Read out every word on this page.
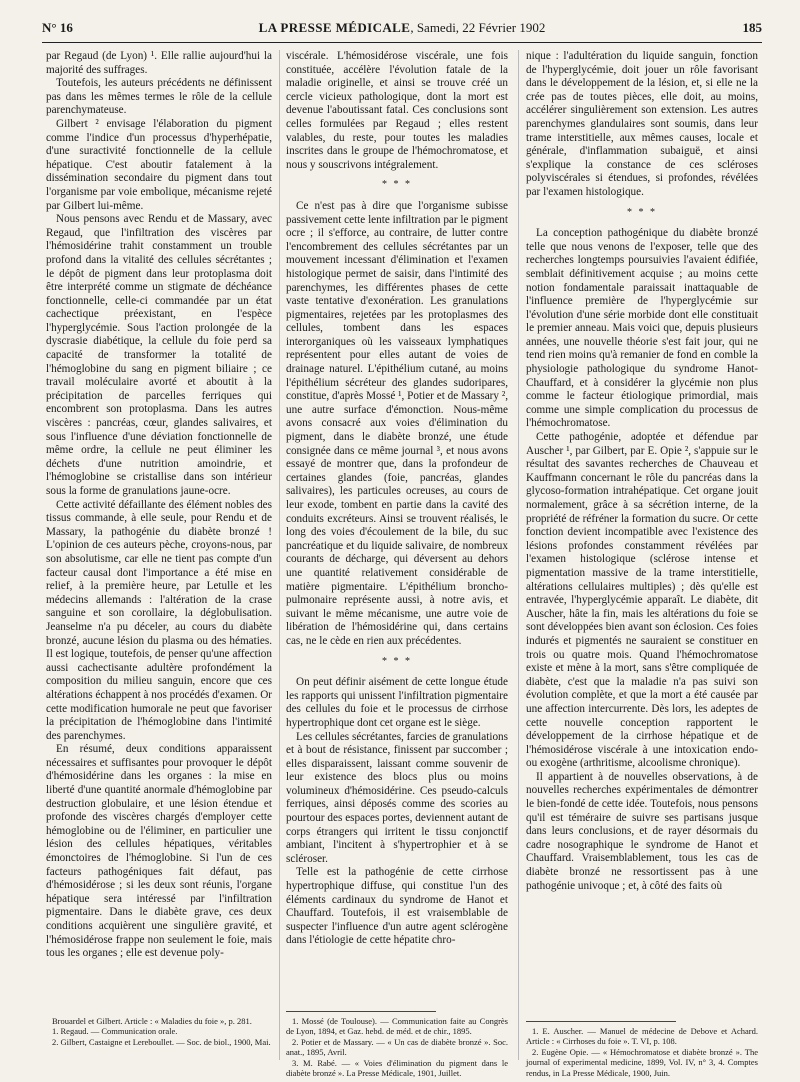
N° 16	LA PRESSE MÉDICALE, Samedi, 22 Février 1902	185

par Regaud (de Lyon) ¹. Elle rallie aujourd'hui la majorité des suffrages.

Toutefois, les auteurs précédents ne définissent pas dans les mêmes termes le rôle de la cellule parenchymateuse.

Gilbert ² envisage l'élaboration du pigment comme l'indice d'un processus d'hyperhépatie, d'une suractivité fonctionnelle de la cellule hépatique. C'est aboutir fatalement à la dissémination secondaire du pigment dans tout l'organisme par voie embolique, mécanisme rejeté par Gilbert lui-même.

Nous pensons avec Rendu et de Massary, avec Regaud, que l'infiltration des viscères par l'hémosidérine trahit constamment un trouble profond dans la vitalité des cellules sécrétantes ; le dépôt de pigment dans leur protoplasma doit être interprété comme un stigmate de déchéance fonctionnelle, celle-ci commandée par un état cachectique préexistant, en l'espèce l'hyperglycémie. Sous l'action prolongée de la dyscrasie diabétique, la cellule du foie perd sa capacité de transformer la totalité de l'hémoglobine du sang en pigment biliaire ; ce travail moléculaire avorté et aboutit à la précipitation de parcelles ferriques qui encombrent son protoplasma. Dans les autres viscères : pancréas, cœur, glandes salivaires, et sous l'influence d'une déviation fonctionnelle de même ordre, la cellule ne peut éliminer les déchets d'une nutrition amoindrie, et l'hémoglobine se cristallise dans son intérieur sous la forme de granulations jaune-ocre.

Cette activité défaillante des élément nobles des tissus commande, à elle seule, pour Rendu et de Massary, la pathogénie du diabète bronzé ! L'opinion de ces auteurs pèche, croyons-nous, par son absolutisme, car elle ne tient pas compte d'un facteur causal dont l'importance a été mise en relief, à la première heure, par Letulle et les médecins allemands : l'altération de la crase sanguine et son corollaire, la déglobulisation. Jeanselme n'a pu déceler, au cours du diabète bronzé, aucune lésion du plasma ou des hématies. Il est logique, toutefois, de penser qu'une affection aussi cachectisante adultère profondément la composition du milieu sanguin, encore que ces altérations échappent à nos procédés d'examen. Or cette modification humorale ne peut que favoriser la précipitation de l'hémoglobine dans l'intimité des parenchymes.

En résumé, deux conditions apparaissent nécessaires et suffisantes pour provoquer le dépôt d'hémosidérine dans les organes : la mise en liberté d'une quantité anormale d'hémoglobine par destruction globulaire, et une lésion étendue et profonde des viscères chargés d'employer cette hémoglobine ou de l'éliminer, en particulier une lésion des cellules hépatiques, véritables émonctoires de l'hémoglobine. Si l'un de ces facteurs pathogéniques fait défaut, pas d'hémosidérose ; si les deux sont réunis, l'organe hépatique sera intéressé par l'infiltration pigmentaire. Dans le diabète grave, ces deux conditions acquièrent une singulière gravité, et l'hémosidérose frappe non seulement le foie, mais tous les organes ; elle est devenue poly-

Brouardel et Gilbert. Article : « Maladies du foie », p. 281.

1. Regaud. — Communication orale.

2. Gilbert, Castaigne et Lereboullet. — Soc. de biol., 1900, Mai.

viscérale. L'hémosidérose viscérale, une fois constituée, accélère l'évolution fatale de la maladie originelle, et ainsi se trouve créé un cercle vicieux pathologique, dont la mort est devenue l'aboutissant fatal. Ces conclusions sont celles formulées par Regaud ; elles restent valables, du reste, pour toutes les maladies inscrites dans le groupe de l'hémochromatose, et nous y souscrivons intégralement.

* * *

Ce n'est pas à dire que l'organisme subisse passivement cette lente infiltration par le pigment ocre ; il s'efforce, au contraire, de lutter contre l'encombrement des cellules sécrétantes par un mouvement incessant d'élimination et l'examen histologique permet de saisir, dans l'intimité des parenchymes, les différentes phases de cette vaste tentative d'exonération. Les granulations pigmentaires, rejetées par les protoplasmes des cellules, tombent dans les espaces interorganiques où les vaisseaux lymphatiques représentent pour elles autant de voies de drainage naturel. L'épithélium cutané, au moins l'épithélium sécréteur des glandes sudoripares, constitue, d'après Mossé ¹, Potier et de Massary ², une autre surface d'émonction. Nous-même avons consacré aux voies d'élimination du pigment, dans le diabète bronzé, une étude consignée dans ce même journal ³, et nous avons essayé de montrer que, dans la profondeur de certaines glandes (foie, pancréas, glandes salivaires), les particules ocreuses, au cours de leur exode, tombent en partie dans la cavité des conduits excréteurs. Ainsi se trouvent réalisés, le long des voies d'écoulement de la bile, du suc pancréatique et du liquide salivaire, de nombreux courants de décharge, qui déversent au dehors une quantité relativement considérable de matière pigmentaire. L'épithélium broncho-pulmonaire représente aussi, à notre avis, et suivant le même mécanisme, une autre voie de libération de l'hémosidérine qui, dans certains cas, ne le cède en rien aux précédentes.

* * *

On peut définir aisément de cette longue étude les rapports qui unissent l'infiltration pigmentaire des cellules du foie et le processus de cirrhose hypertrophique dont cet organe est le siège.

Les cellules sécrétantes, farcies de granulations et à bout de résistance, finissent par succomber ; elles disparaissent, laissant comme souvenir de leur existence des blocs plus ou moins volumineux d'hémosidérine. Ces pseudo-calculs ferriques, ainsi déposés comme des scories au pourtour des espaces portes, deviennent autant de corps étrangers qui irritent le tissu conjonctif ambiant, l'incitent à s'hypertrophier et à se scléroser.

Telle est la pathogénie de cette cirrhose hypertrophique diffuse, qui constitue l'un des éléments cardinaux du syndrome de Hanot et Chauffard. Toutefois, il est vraisemblable de suspecter l'influence d'un autre agent sclérogène dans l'étiologie de cette hépatite chro-

1. Mossé (de Toulouse). — Communication faite au Congrès de Lyon, 1894, et Gaz. hebd. de méd. et de chir., 1895.

2. Potier et de Massary. — « Un cas de diabète bronzé ». Soc. anat., 1895, Avril.

3. M. Rabé. — « Voies d'élimination du pigment dans le diabète bronzé ». La Presse Médicale, 1901, Juillet.

nique : l'adultération du liquide sanguin, fonction de l'hyperglycémie, doit jouer un rôle favorisant dans le développement de la lésion, et, si elle ne la crée pas de toutes pièces, elle doit, au moins, accélérer singulièrement son extension. Les autres parenchymes glandulaires sont soumis, dans leur trame interstitielle, aux mêmes causes, locale et générale, d'inflammation subaiguë, et ainsi s'explique la constance de ces scléroses polyviscérales si étendues, si profondes, révélées par l'examen histologique.

* * *

La conception pathogénique du diabète bronzé telle que nous venons de l'exposer, telle que des recherches longtemps poursuivies l'avaient édifiée, semblait définitivement acquise ; au moins cette notion fondamentale paraissait inattaquable de l'influence première de l'hyperglycémie sur l'évolution d'une série morbide dont elle constituait le premier anneau. Mais voici que, depuis plusieurs années, une nouvelle théorie s'est fait jour, qui ne tend rien moins qu'à remanier de fond en comble la physiologie pathologique du syndrome Hanot-Chauffard, et à considérer la glycémie non plus comme le facteur étiologique primordial, mais comme une simple complication du processus de l'hémochromatose.

Cette pathogénie, adoptée et défendue par Auscher ¹, par Gilbert, par E. Opie ², s'appuie sur le résultat des savantes recherches de Chauveau et Kauffmann concernant le rôle du pancréas dans la glycoso-formation intrahépatique. Cet organe jouit normalement, grâce à sa sécrétion interne, de la propriété de réfréner la formation du sucre. Or cette fonction devient incompatible avec l'existence des lésions profondes constamment révélées par l'examen histologique (sclérose intense et pigmentation massive de la trame interstitielle, altérations cellulaires multiples) ; dès qu'elle est entravée, l'hyperglycémie apparaît. Le diabète, dit Auscher, hâte la fin, mais les altérations du foie se sont développées bien avant son éclosion. Ces foies indurés et pigmentés ne sauraient se constituer en trois ou quatre mois. Quand l'hémochromatose existe et mène à la mort, sans s'être compliquée de diabète, c'est que la maladie n'a pas suivi son évolution complète, et que la mort a été causée par une affection intercurrente. Dès lors, les adeptes de cette nouvelle conception rapportent le développement de la cirrhose hépatique et de l'hémosidérose viscérale à une intoxication endo- ou exogène (arthritisme, alcoolisme chronique).

Il appartient à de nouvelles observations, à de nouvelles recherches expérimentales de démontrer le bien-fondé de cette idée. Toutefois, nous pensons qu'il est téméraire de suivre ses partisans jusque dans leurs conclusions, et de rayer désormais du cadre nosographique le syndrome de Hanot et Chauffard. Vraisemblablement, tous les cas de diabète bronzé ne ressortissent pas à une pathogénie univoque ; et, à côté des faits où

1. E. Auscher. — Manuel de médecine de Debove et Achard. Article : « Cirrhoses du foie ». T. VI, p. 108.

2. Eugène Opie. — « Hémochromatose et diabète bronzé ». The journal of experimental medicine, 1899, Vol. IV, n° 3, 4. Comptes rendus, in La Presse Médicale, 1900, Juin.
